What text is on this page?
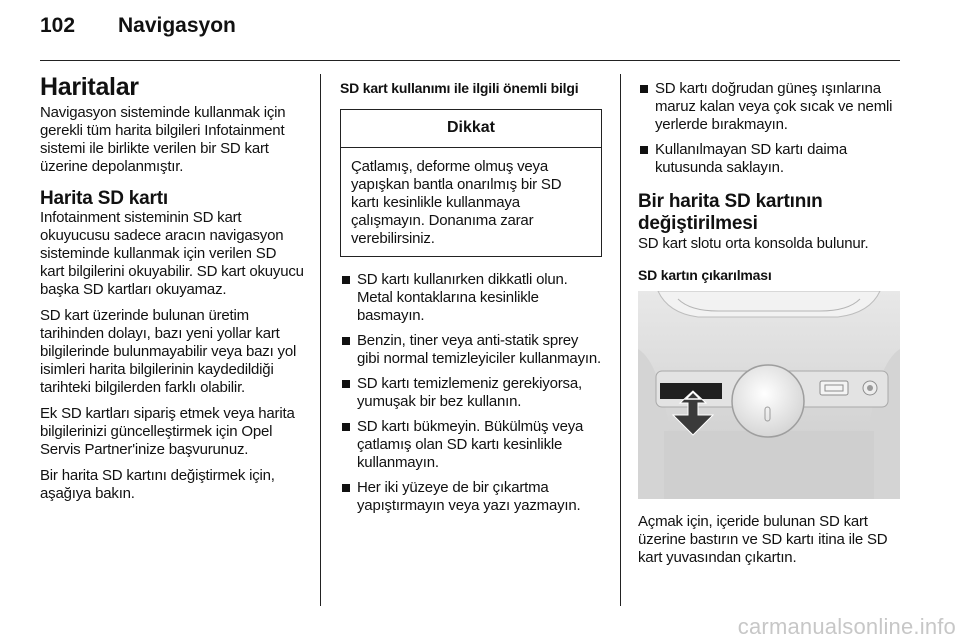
102 Navigasyon
Haritalar

Navigasyon sisteminde kullanmak için gerekli tüm harita bilgileri Infotainment sistemi ile birlikte verilen bir SD kart üzerine depolanmıştır.

Harita SD kartı

Infotainment sisteminin SD kart okuyucusu sadece aracın navigasyon sisteminde kullanmak için verilen SD kart bilgilerini okuyabilir. SD kart okuyucu başka SD kartları okuyamaz.

SD kart üzerinde bulunan üretim tarihinden dolayı, bazı yeni yollar kart bilgilerinde bulunmayabilir veya bazı yol isimleri harita bilgilerinin kaydedildiği tarihteki bilgilerden farklı olabilir.

Ek SD kartları sipariş etmek veya harita bilgilerinizi güncelleştirmek için Opel Servis Partner'inize başvurunuz.

Bir harita SD kartını değiştirmek için, aşağıya bakın.

SD kart kullanımı ile ilgili önemli bilgi
Dikkat
Çatlamış, deforme olmuş veya yapışkan bantla onarılmış bir SD kartı kesinlikle kullanmaya çalışmayın. Donanıma zarar verebilirsiniz.
SD kartı kullanırken dikkatli olun. Metal kontaklarına kesinlikle basmayın.
Benzin, tiner veya anti-statik sprey gibi normal temizleyiciler kullanmayın.
SD kartı temizlemeniz gerekiyorsa, yumuşak bir bez kullanın.
SD kartı bükmeyin. Bükülmüş veya çatlamış olan SD kartı kesinlikle kullanmayın.
Her iki yüzeye de bir çıkartma yapıştırmayın veya yazı yazmayın.
SD kartı doğrudan güneş ışınlarına maruz kalan veya çok sıcak ve nemli yerlerde bırakmayın.
Kullanılmayan SD kartı daima kutusunda saklayın.
Bir harita SD kartının değiştirilmesi

SD kart slotu orta konsolda bulunur.

SD kartın çıkarılması

Açmak için, içeride bulunan SD kart üzerine bastırın ve SD kartı itina ile SD kart yuvasından çıkartın.

carmanualsonline.info
